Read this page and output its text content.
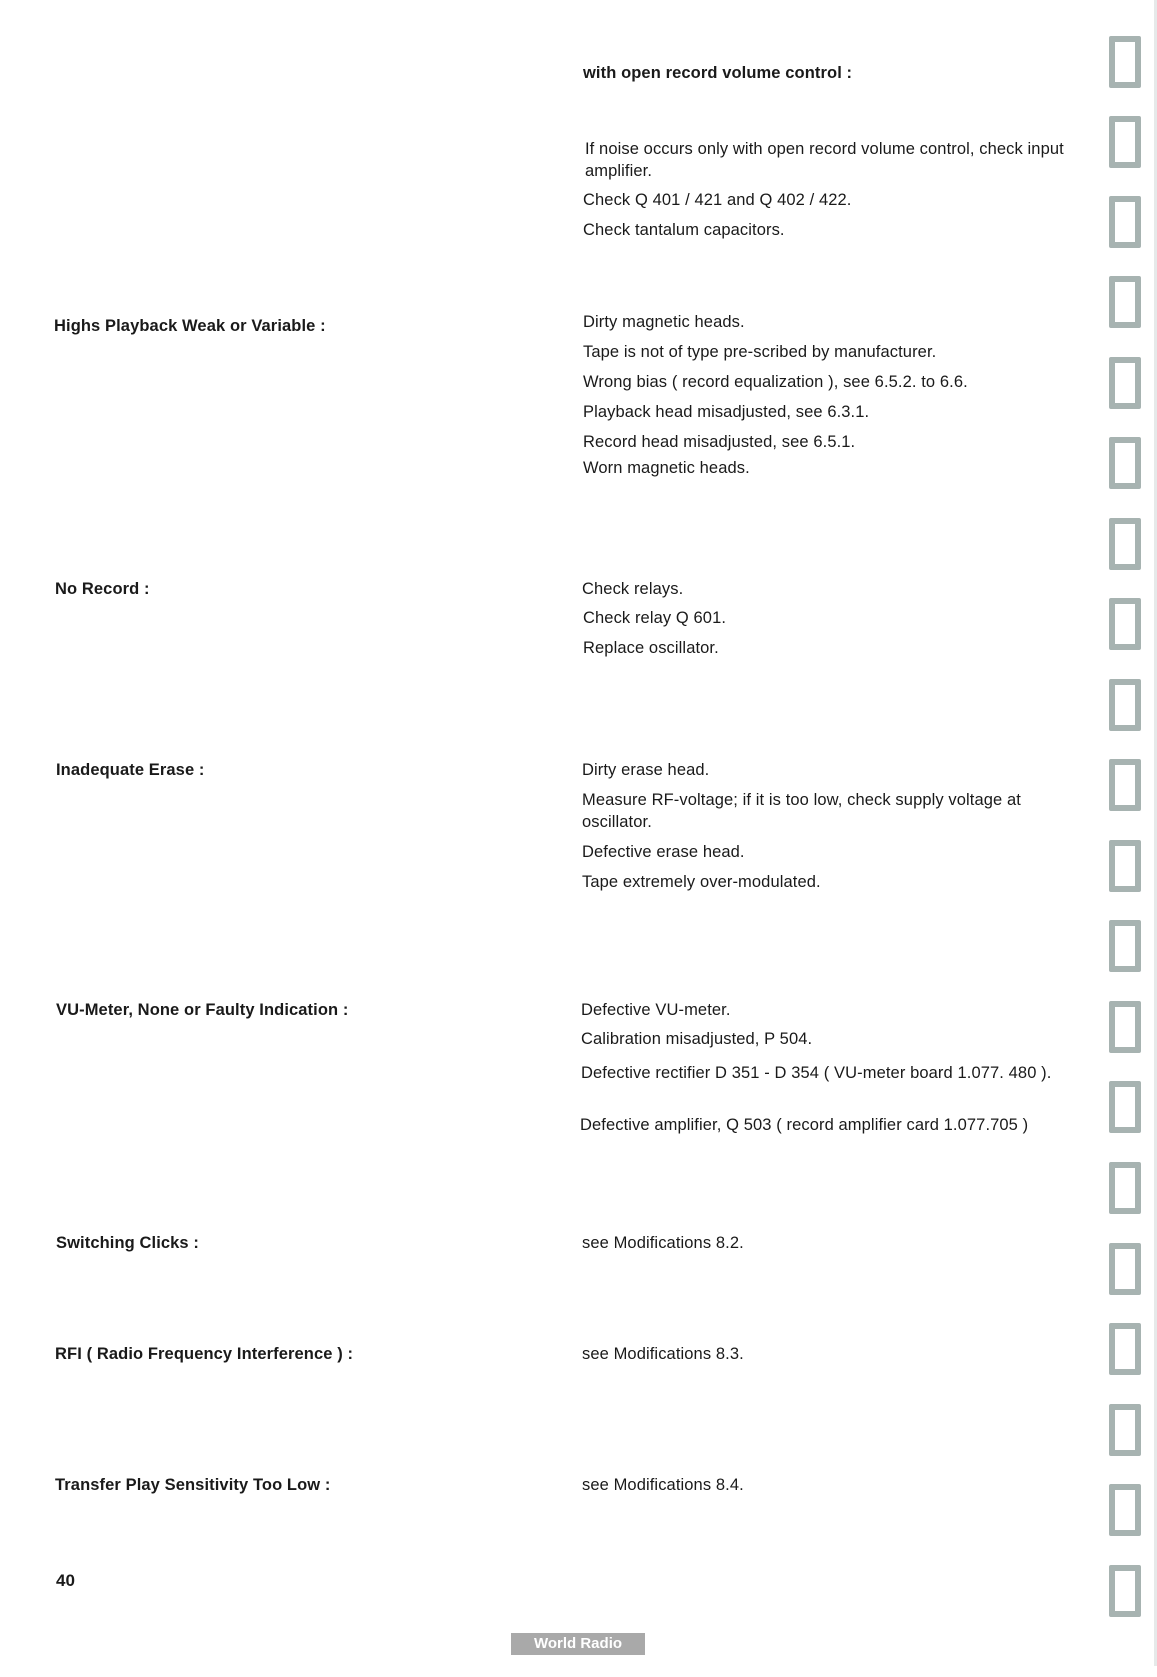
with open record volume control :
If noise occurs only with open record volume control, check input amplifier.
Check Q 401 / 421 and Q 402 / 422.
Check tantalum capacitors.
Highs Playback Weak or Variable :	Dirty magnetic heads.
Tape is not of type pre-scribed by manufacturer.
Wrong bias ( record equalization ), see 6.5.2. to 6.6.
Playback head misadjusted, see 6.3.1.
Record head misadjusted, see 6.5.1.
Worn magnetic heads.
No Record :	Check relays.
Check relay Q 601.
Replace oscillator.
Inadequate Erase :	Dirty erase head.
Measure RF-voltage; if it is too low, check supply voltage at oscillator.
Defective erase head.
Tape extremely over-modulated.
VU-Meter, None or Faulty Indication :	Defective VU-meter.
Calibration misadjusted, P 504.
Defective rectifier D 351 - D 354 ( VU-meter board 1.077. 480 ).
Defective amplifier, Q 503 ( record amplifier card 1.077.705 )
Switching Clicks :	see Modifications 8.2.
RFI ( Radio Frequency Interference ) :	see Modifications 8.3.
Transfer Play Sensitivity Too Low :	see Modifications 8.4.
40
World Radio History
